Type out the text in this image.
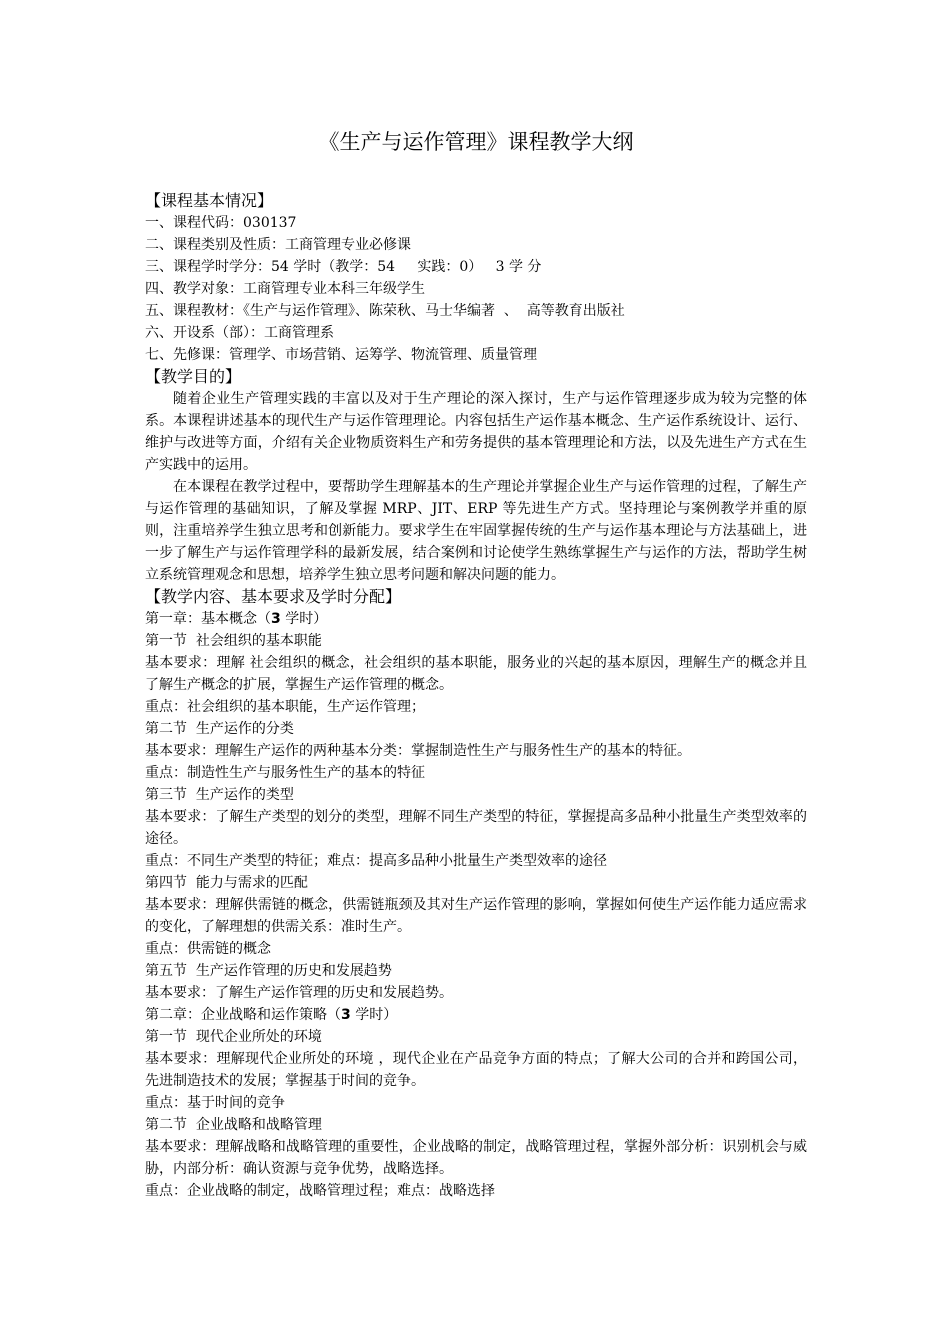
《生产与运作管理》课程教学大纲

【课程基本情况】

一、课程代码：030137

二、课程类别及性质：工商管理专业必修课

三、课程学时学分：54 学时（教学：54     实践：0）   3 学 分

四、教学对象：工商管理专业本科三年级学生

五、课程教材：《生产与运作管理》、陈荣秋、马士华编著  、  高等教育出版社

六、开设系（部）：工商管理系

七、先修课：管理学、市场营销、运筹学、物流管理、质量管理

【教学目的】

随着企业生产管理实践的丰富以及对于生产理论的深入探讨，生产与运作管理逐步成为较为完整的体系。本课程讲述基本的现代生产与运作管理理论。内容包括生产运作基本概念、生产运作系统设计、运行、维护与改进等方面，介绍有关企业物质资料生产和劳务提供的基本管理理论和方法，以及先进生产方式在生产实践中的运用。

在本课程在教学过程中，要帮助学生理解基本的生产理论并掌握企业生产与运作管理的过程，了解生产与运作管理的基础知识，了解及掌握 MRP、JIT、ERP 等先进生产方式。坚持理论与案例教学并重的原则，注重培养学生独立思考和创新能力。要求学生在牢固掌握传统的生产与运作基本理论与方法基础上，进一步了解生产与运作管理学科的最新发展，结合案例和讨论使学生熟练掌握生产与运作的方法，帮助学生树立系统管理观念和思想，培养学生独立思考问题和解决问题的能力。

【教学内容、基本要求及学时分配】

第一章：基本概念（3 学时）

第一节  社会组织的基本职能

基本要求：理解 社会组织的概念，社会组织的基本职能，服务业的兴起的基本原因，理解生产的概念并且了解生产概念的扩展，掌握生产运作管理的概念。

重点：社会组织的基本职能，生产运作管理；

第二节  生产运作的分类

基本要求：理解生产运作的两种基本分类：掌握制造性生产与服务性生产的基本的特征。

重点：制造性生产与服务性生产的基本的特征

第三节  生产运作的类型

基本要求：了解生产类型的划分的类型，理解不同生产类型的特征，掌握提高多品种小批量生产类型效率的途径。

重点：不同生产类型的特征；难点：提高多品种小批量生产类型效率的途径

第四节  能力与需求的匹配

基本要求：理解供需链的概念，供需链瓶颈及其对生产运作管理的影响，掌握如何使生产运作能力适应需求的变化，了解理想的供需关系：准时生产。

重点：供需链的概念

第五节  生产运作管理的历史和发展趋势

基本要求：了解生产运作管理的历史和发展趋势。

第二章：企业战略和运作策略（3 学时）

第一节  现代企业所处的环境

基本要求：理解现代企业所处的环境 ，现代企业在产品竞争方面的特点；了解大公司的合并和跨国公司，先进制造技术的发展；掌握基于时间的竞争。

重点：基于时间的竞争

第二节  企业战略和战略管理

基本要求：理解战略和战略管理的重要性，企业战略的制定，战略管理过程，掌握外部分析：识别机会与威胁，内部分析：确认资源与竞争优势，战略选择。

重点：企业战略的制定，战略管理过程；难点：战略选择
